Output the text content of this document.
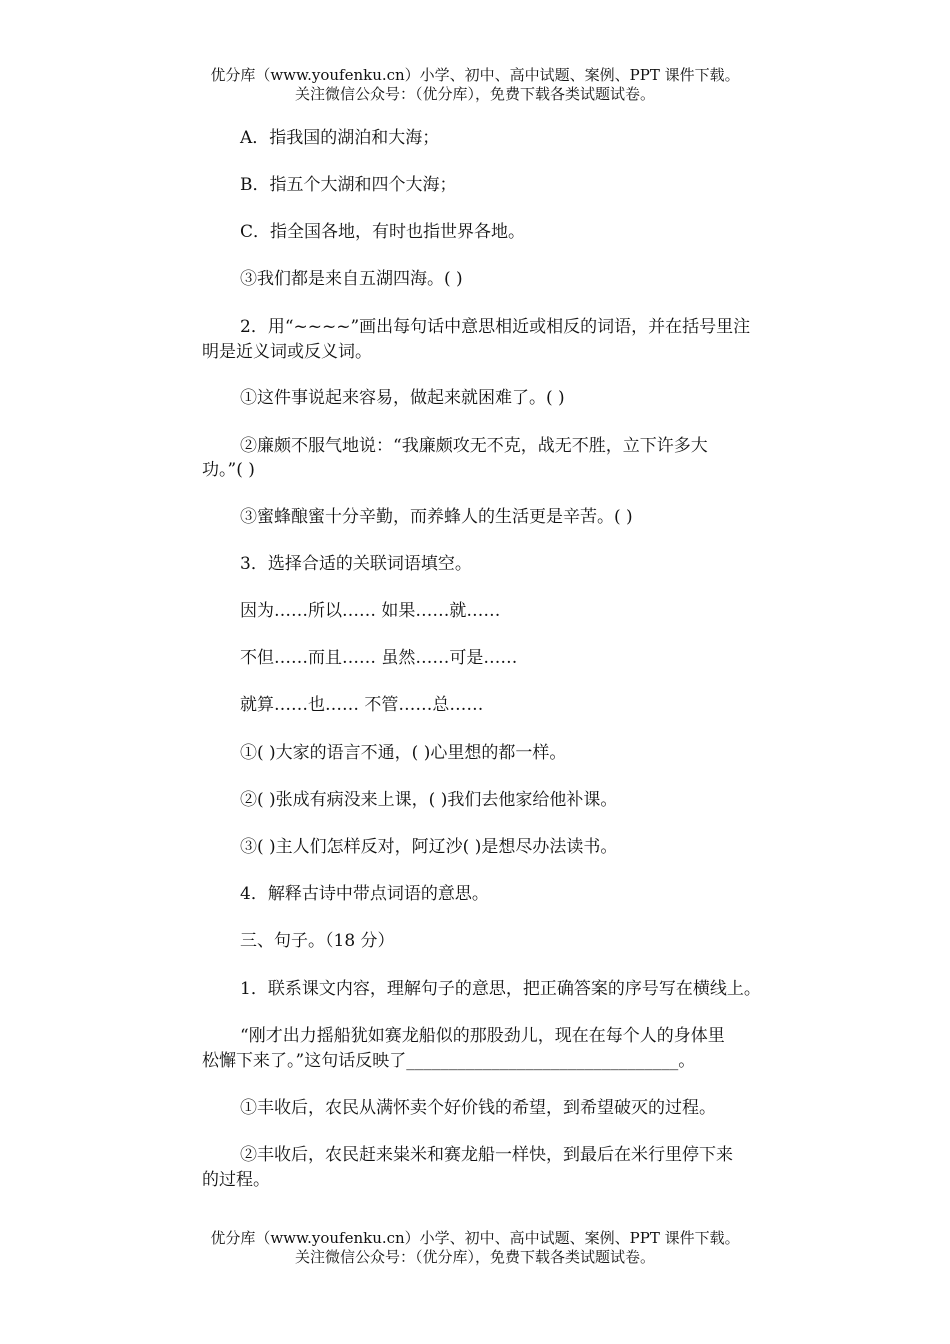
优分库（www.youfenku.cn）小学、初中、高中试题、案例、PPT 课件下载。
关注微信公众号：（优分库），免费下载各类试题试卷。
A．指我国的湖泊和大海；
B．指五个大湖和四个大海；
C．指全国各地，有时也指世界各地。
③我们都是来自五湖四海。( )
2．用“~~~~”画出每句话中意思相近或相反的词语，并在括号里注
明是近义词或反义词。
①这件事说起来容易，做起来就困难了。( )
②廉颇不服气地说：“我廉颇攻无不克，战无不胜，立下许多大
功。”( )
③蜜蜂酿蜜十分辛勤，而养蜂人的生活更是辛苦。( )
3．选择合适的关联词语填空。
因为……所以…… 如果……就……
不但……而且…… 虽然……可是……
就算……也…… 不管……总……
①( )大家的语言不通，( )心里想的都一样。
②( )张成有病没来上课，( )我们去他家给他补课。
③( )主人们怎样反对，阿辽沙( )是想尽办法读书。
4．解释古诗中带点词语的意思。
三、句子。（18 分）
1．联系课文内容，理解句子的意思，把正确答案的序号写在横线上。
“刚才出力摇船犹如赛龙船似的那股劲儿，现在在每个人的身体里
松懈下来了。”这句话反映了________________________________。
①丰收后，农民从满怀卖个好价钱的希望，到希望破灭的过程。
②丰收后，农民赶来粜米和赛龙船一样快，到最后在米行里停下来
的过程。
优分库（www.youfenku.cn）小学、初中、高中试题、案例、PPT 课件下载。
关注微信公众号：（优分库），免费下载各类试题试卷。
